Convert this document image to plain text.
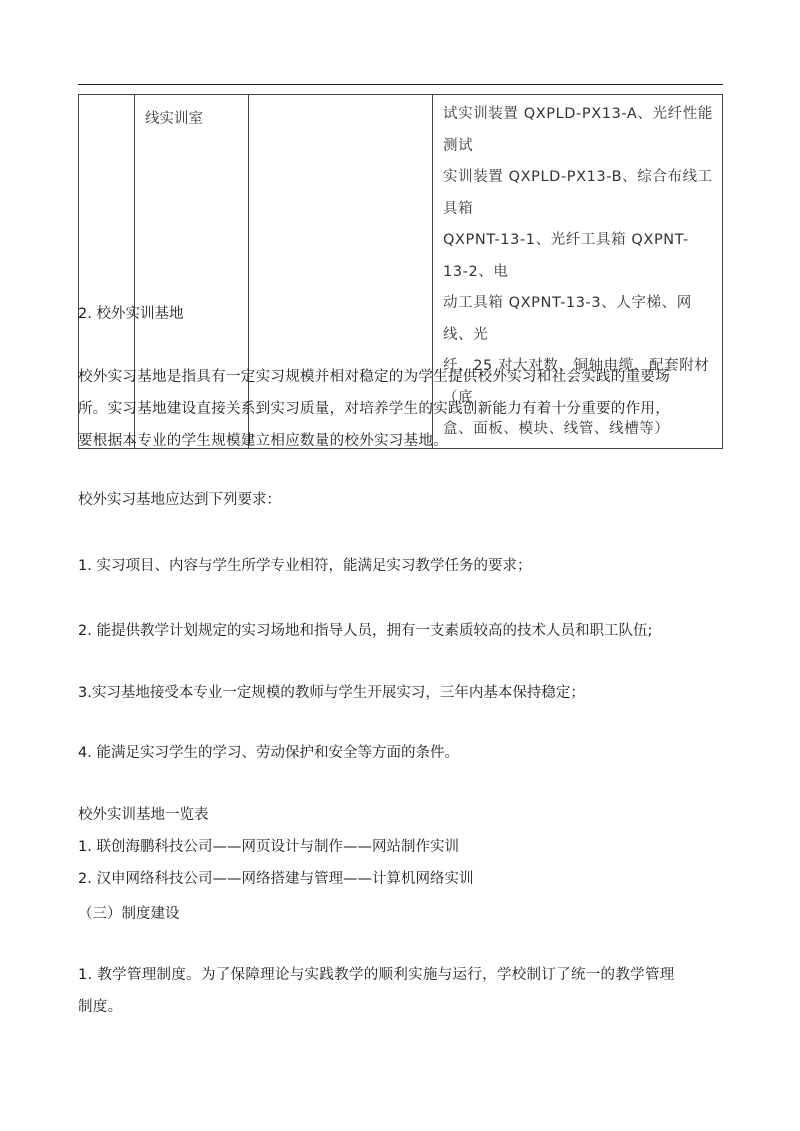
	线实训室		试实训装置 QXPLD-PX13-A、光纤性能测试
实训装置 QXPLD-PX13-B、综合布线工具箱
QXPNT-13-1、光纤工具箱 QXPNT-13-2、电
动工具箱 QXPNT-13-3、人字梯、网线、光
纤、25 对大对数、铜轴电缆、配套附材（底
盒、面板、模块、线管、线槽等）
2. 校外实训基地
校外实习基地是指具有一定实习规模并相对稳定的为学生提供校外实习和社会实践的重要场
所。实习基地建设直接关系到实习质量，对培养学生的实践创新能力有着十分重要的作用，
要根据本专业的学生规模建立相应数量的校外实习基地。
校外实习基地应达到下列要求：
1. 实习项目、内容与学生所学专业相符，能满足实习教学任务的要求；
2. 能提供教学计划规定的实习场地和指导人员，拥有一支素质较高的技术人员和职工队伍;
3.实习基地接受本专业一定规模的教师与学生开展实习，三年内基本保持稳定；
4. 能满足实习学生的学习、劳动保护和安全等方面的条件。
校外实训基地一览表
1. 联创海鹏科技公司——网页设计与制作——网站制作实训
2. 汉申网络科技公司——网络搭建与管理——计算机网络实训
（三）制度建设
1. 教学管理制度。为了保障理论与实践教学的顺利实施与运行，学校制订了统一的教学管理
制度。
